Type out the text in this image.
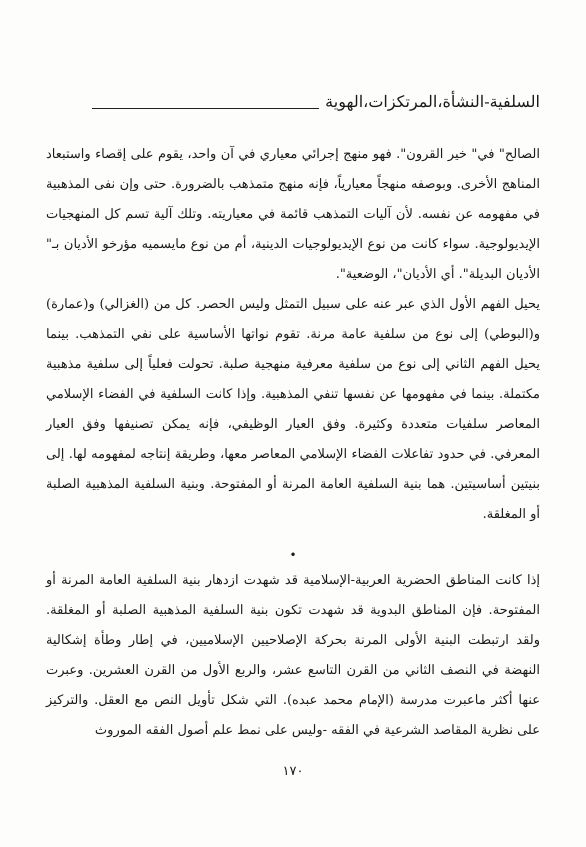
السلفية-النشأة،المرتكزات،الهوية

الصالح" في" خير القرون". فهو منهج إجرائي معياري في آن واحد، يقوم على إقصاء واستبعاد المناهج الأخرى. وبوصفه منهجاً معيارياً، فإنه منهج متمذهب بالضرورة. حتى وإن نفى المذهبية في مفهومه عن نفسه. لأن آليات التمذهب قائمة في معياريته. وتلك آلية تسم كل المنهجيات الإيديولوجية. سواء كانت من نوع الإيديولوجيات الدينية، أم من نوع مايسميه مؤرخو الأديان بـ" الأديان البديلة". أي الأديان"، الوضعية".

يحيل الفهم الأول الذي عبر عنه على سبيل التمثل وليس الحصر. كل من (الغزالي) و(عمارة) و(البوطي) إلى نوع من سلفية عامة مرنة. تقوم نواتها الأساسية على نفي التمذهب. بينما يحيل الفهم الثاني إلى نوع من سلفية معرفية منهجية صلبة. تحولت فعلياً إلى سلفية مذهبية مكتملة. بينما في مفهومها عن نفسها تنفي المذهبية. وإذا كانت السلفية في الفضاء الإسلامي المعاصر سلفيات متعددة وكثيرة. وفق العيار الوظيفي، فإنه يمكن تصنيفها وفق العيار المعرفي. في حدود تفاعلات الفضاء الإسلامي المعاصر معها، وطريقة إنتاجه لمفهومه لها. إلى بنيتين أساسيتين. هما بنية السلفية العامة المرنة أو المفتوحة. وبنية السلفية المذهبية الصلبة أو المغلقة.

•

إذا كانت المناطق الحضرية العربية-الإسلامية قد شهدت ازدهار بنية السلفية العامة المرنة أو المفتوحة. فإن المناطق البدوية قد شهدت تكون بنية السلفية المذهبية الصلبة أو المغلقة. ولقد ارتبطت البنية الأولى المرنة بحركة الإصلاحيين الإسلاميين، في إطار وطأة إشكالية النهضة في النصف الثاني من القرن التاسع عشر، والربع الأول من القرن العشرين. وعبرت عنها أكثر ماعبرت مدرسة (الإمام محمد عبده). التي شكل تأويل النص مع العقل. والتركيز على نظرية المقاصد الشرعية في الفقه -وليس على نمط علم أصول الفقه الموروث

١٧٠
